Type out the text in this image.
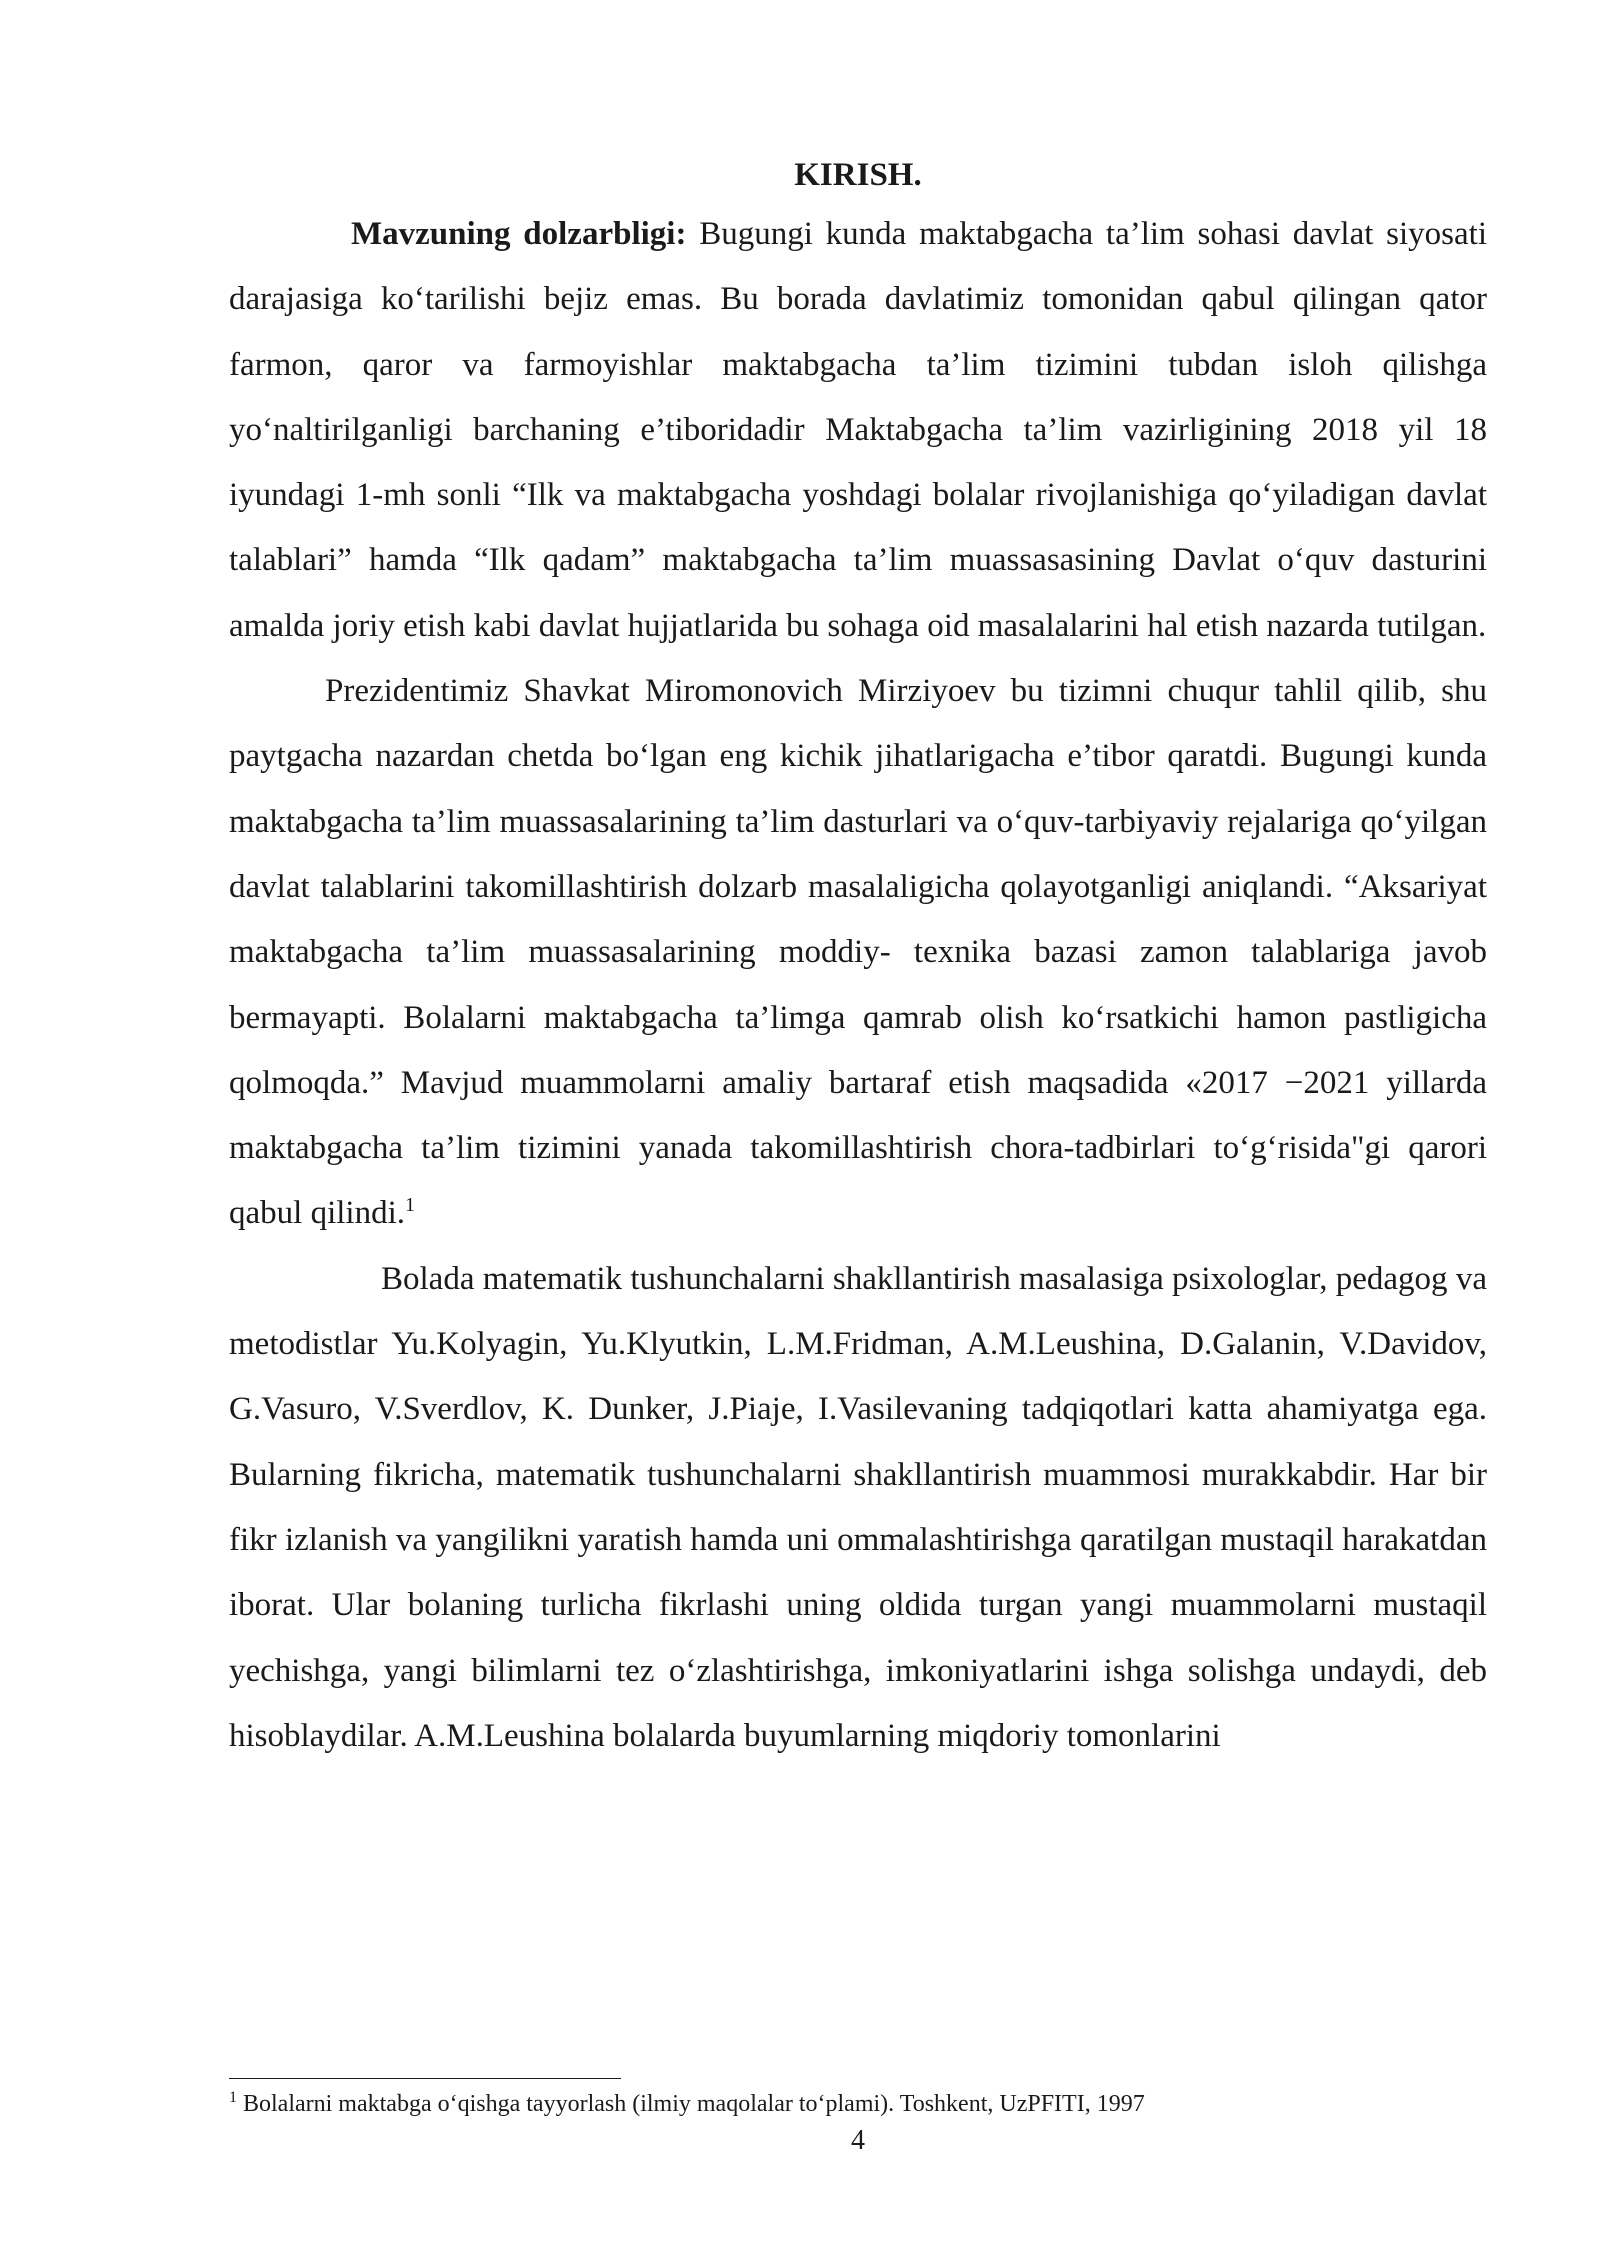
KIRISH.

Mavzuning dolzarbligi: Bugungi kunda maktabgacha ta’lim sohasi davlat siyosati darajasiga ko‘tarilishi bejiz emas. Bu borada davlatimiz tomonidan qabul qilingan qator farmon, qaror va farmoyishlar maktabgacha ta’lim tizimini tubdan isloh qilishga yo‘naltirilganligi barchaning e’tiboridadir Maktabgacha ta’lim vazirligining 2018 yil 18 iyundagi 1-mh sonli “Ilk va maktabgacha yoshdagi bolalar rivojlanishiga qo‘yiladigan davlat talablari” hamda “Ilk qadam” maktabgacha ta’lim muassasasining Davlat o‘quv dasturini amalda joriy etish kabi davlat hujjatlarida bu sohaga oid masalalarini hal etish nazarda tutilgan.

Prezidentimiz Shavkat Miromonovich Mirziyoev bu tizimni chuqur tahlil qilib, shu paytgacha nazardan chetda bo‘lgan eng kichik jihatlarigacha e’tibor qaratdi. Bugungi kunda maktabgacha ta’lim muassasalarining ta’lim dasturlari va o‘quv-tarbiyaviy rejalariga qo‘yilgan davlat talablarini takomillashtirish dolzarb masalaligicha qolayotganligi aniqlandi. “Aksariyat maktabgacha ta’lim muassasalarining moddiy- texnika bazasi zamon talablariga javob bermayapti. Bolalarni maktabgacha ta’limga qamrab olish ko‘rsatkichi hamon pastligicha qolmoqda.” Mavjud muammolarni amaliy bartaraf etish maqsadida «2017 −2021 yillarda maktabgacha ta’lim tizimini yanada takomillashtirish chora-tadbirlari to‘g‘risida"gi qarori qabul qilindi.$^1$

Bolada matematik tushunchalarni shakllantirish masalasiga psixologlar, pedagog va metodistlar Yu.Kolyagin, Yu.Klyutkin, L.M.Fridman, A.M.Leushina, D.Galanin, V.Davidov, G.Vasuro, V.Sverdlov, K. Dunker, J.Piaje, I.Vasilevaning tadqiqotlari katta ahamiyatga ega. Bularning fikricha, matematik tushunchalarni shakllantirish muammosi murakkabdir. Har bir fikr izlanish va yangilikni yaratish hamda uni ommalashtirishga qaratilgan mustaqil harakatdan iborat. Ular bolaning turlicha fikrlashi uning oldida turgan yangi muammolarni mustaqil yechishga, yangi bilimlarni tez o‘zlashtirishga, imkoniyatlarini ishga solishga undaydi, deb hisoblaydilar. A.M.Leushina bolalarda buyumlarning miqdoriy tomonlarini

$^1$ Bolalarni maktabga o‘qishga tayyorlash (ilmiy maqolalar to‘plami). Toshkent, UzPFITI, 1997

4
